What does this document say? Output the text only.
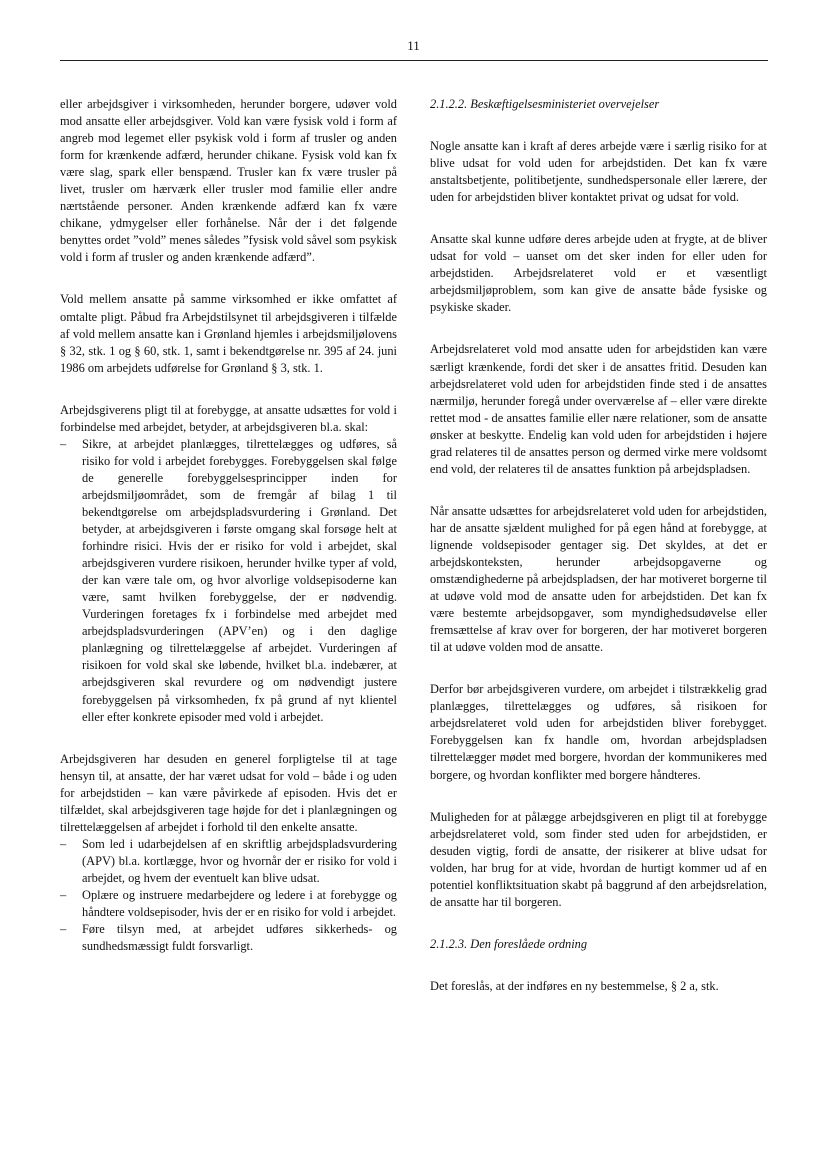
11

eller arbejdsgiver i virksomheden, herunder borgere, udøver vold mod ansatte eller arbejdsgiver. Vold kan være fysisk vold i form af angreb mod legemet eller psykisk vold i form af trusler og anden form for krænkende adfærd, herunder chikane. Fysisk vold kan fx være slag, spark eller benspænd. Trusler kan fx være trusler på livet, trusler om hærværk eller trusler mod familie eller andre nærtstående personer. Anden krænkende adfærd kan fx være chikane, ydmygelser eller forhånelse. Når der i det følgende benyttes ordet ”vold” menes således ”fysisk vold såvel som psykisk vold i form af trusler og anden krænkende adfærd”.

Vold mellem ansatte på samme virksomhed er ikke omfattet af omtalte pligt. Påbud fra Arbejdstilsynet til arbejdsgiveren i tilfælde af vold mellem ansatte kan i Grønland hjemles i arbejdsmiljølovens § 32, stk. 1 og § 60, stk. 1, samt i bekendtgørelse nr. 395 af 24. juni 1986 om arbejdets udførelse for Grønland § 3, stk. 1.

Arbejdsgiverens pligt til at forebygge, at ansatte udsættes for vold i forbindelse med arbejdet, betyder, at arbejdsgiveren bl.a. skal:

– Sikre, at arbejdet planlægges, tilrettelægges og udføres, så risiko for vold i arbejdet forebygges. Forebyggelsen skal følge de generelle forebyggelsesprincipper inden for arbejdsmiljøområdet, som de fremgår af bilag 1 til bekendtgørelse om arbejdspladsvurdering i Grønland. Det betyder, at arbejdsgiveren i første omgang skal forsøge helt at forhindre risici. Hvis der er risiko for vold i arbejdet, skal arbejdsgiveren vurdere risikoen, herunder hvilke typer af vold, der kan være tale om, og hvor alvorlige voldsepisoderne kan være, samt hvilken forebyggelse, der er nødvendig. Vurderingen foretages fx i forbindelse med arbejdet med arbejdspladsvurderingen (APV’en) og i den daglige planlægning og tilrettelæggelse af arbejdet. Vurderingen af risikoen for vold skal ske løbende, hvilket bl.a. indebærer, at arbejdsgiveren skal revurdere og om nødvendigt justere forebyggelsen på virksomheden, fx på grund af nyt klientel eller efter konkrete episoder med vold i arbejdet.

Arbejdsgiveren har desuden en generel forpligtelse til at tage hensyn til, at ansatte, der har været udsat for vold – både i og uden for arbejdstiden – kan være påvirkede af episoden. Hvis det er tilfældet, skal arbejdsgiveren tage højde for det i planlægningen og tilrettelæggelsen af arbejdet i forhold til den enkelte ansatte.

– Som led i udarbejdelsen af en skriftlig arbejdspladsvurdering (APV) bl.a. kortlægge, hvor og hvornår der er risiko for vold i arbejdet, og hvem der eventuelt kan blive udsat.
– Oplære og instruere medarbejdere og ledere i at forebygge og håndtere voldsepisoder, hvis der er en risiko for vold i arbejdet.
– Føre tilsyn med, at arbejdet udføres sikkerheds- og sundhedsmæssigt fuldt forsvarligt.

2.1.2.2. Beskæftigelsesministeriet overvejelser

Nogle ansatte kan i kraft af deres arbejde være i særlig risiko for at blive udsat for vold uden for arbejdstiden. Det kan fx være anstaltsbetjente, politibetjente, sundhedspersonale eller lærere, der uden for arbejdstiden bliver kontaktet privat og udsat for vold.

Ansatte skal kunne udføre deres arbejde uden at frygte, at de bliver udsat for vold – uanset om det sker inden for eller uden for arbejdstiden. Arbejdsrelateret vold er et væsentligt arbejdsmiljøproblem, som kan give de ansatte både fysiske og psykiske skader.

Arbejdsrelateret vold mod ansatte uden for arbejdstiden kan være særligt krænkende, fordi det sker i de ansattes fritid. Desuden kan arbejdsrelateret vold uden for arbejdstiden finde sted i de ansattes nærmiljø, herunder foregå under overværelse af – eller være direkte rettet mod - de ansattes familie eller nære relationer, som de ansatte ønsker at beskytte. Endelig kan vold uden for arbejdstiden i højere grad relateres til de ansattes person og dermed virke mere voldsomt end vold, der relateres til de ansattes funktion på arbejdspladsen.

Når ansatte udsættes for arbejdsrelateret vold uden for arbejdstiden, har de ansatte sjældent mulighed for på egen hånd at forebygge, at lignende voldsepisoder gentager sig. Det skyldes, at det er arbejdskonteksten, herunder arbejdsopgaverne og omstændighederne på arbejdspladsen, der har motiveret borgerne til at udøve vold mod de ansatte uden for arbejdstiden. Det kan fx være bestemte arbejdsopgaver, som myndighedsudøvelse eller fremsættelse af krav over for borgeren, der har motiveret borgeren til at udøve volden mod de ansatte.

Derfor bør arbejdsgiveren vurdere, om arbejdet i tilstrækkelig grad planlægges, tilrettelægges og udføres, så risikoen for arbejdsrelateret vold uden for arbejdstiden bliver forebygget. Forebyggelsen kan fx handle om, hvordan arbejdspladsen tilrettelægger mødet med borgere, hvordan der kommunikeres med borgere, og hvordan konflikter med borgere håndteres.

Muligheden for at pålægge arbejdsgiveren en pligt til at forebygge arbejdsrelateret vold, som finder sted uden for arbejdstiden, er desuden vigtig, fordi de ansatte, der risikerer at blive udsat for volden, har brug for at vide, hvordan de hurtigt kommer ud af en potentiel konfliktsituation skabt på baggrund af den arbejdsrelation, de ansatte har til borgeren.

2.1.2.3. Den foreslåede ordning

Det foreslås, at der indføres en ny bestemmelse, § 2 a, stk.
